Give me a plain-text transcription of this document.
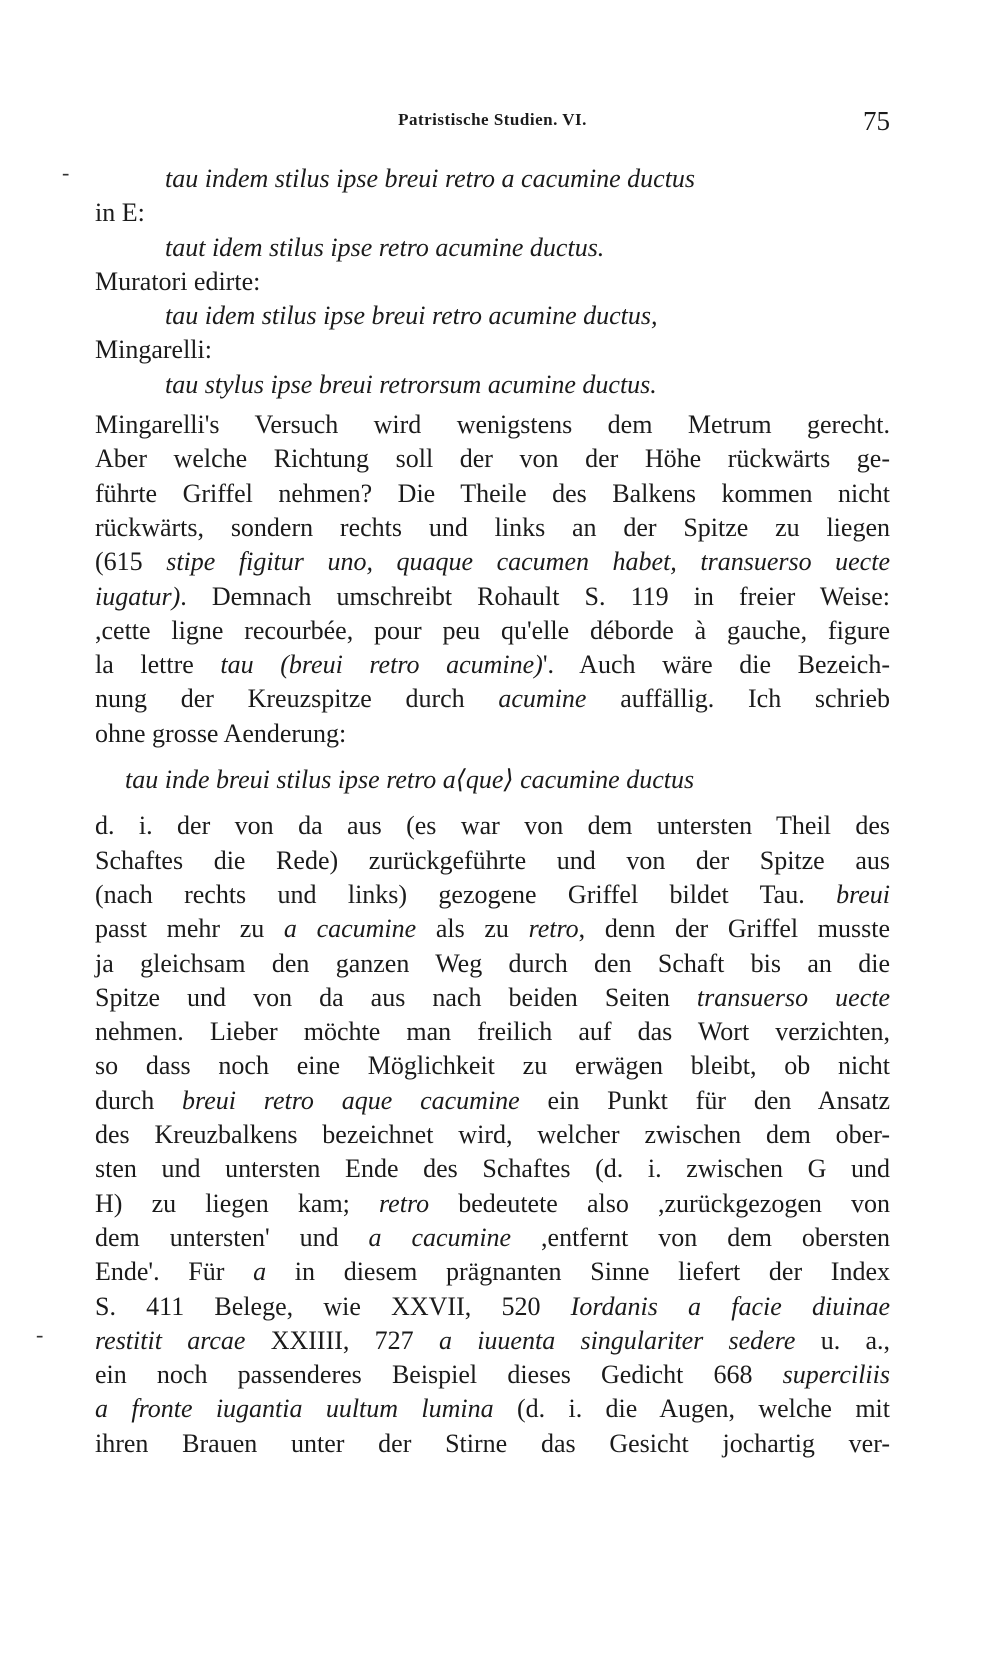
-
-
Patristische Studien. VI.	75
tau indem stilus ipse breui retro a cacumine ductus
in E:
taut idem stilus ipse retro acumine ductus.
Muratori edirte:
tau idem stilus ipse breui retro acumine ductus,
Mingarelli:
tau stylus ipse breui retrorsum acumine ductus.
Mingarelli's Versuch wird wenigstens dem Metrum gerecht.
Aber welche Richtung soll der von der Höhe rückwärts ge-
führte Griffel nehmen? Die Theile des Balkens kommen nicht
rückwärts, sondern rechts und links an der Spitze zu liegen
(615 stipe figitur uno, quaque cacumen habet, transuerso uecte
iugatur). Demnach umschreibt Rohault S. 119 in freier Weise:
,cette ligne recourbée, pour peu qu'elle déborde à gauche, figure
la lettre tau (breui retro acumine)'. Auch wäre die Bezeich-
nung der Kreuzspitze durch acumine auffällig. Ich schrieb
ohne grosse Aenderung:
tau inde breui stilus ipse retro a⟨que⟩ cacumine ductus
d. i. der von da aus (es war von dem untersten Theil des
Schaftes die Rede) zurückgeführte und von der Spitze aus
(nach rechts und links) gezogene Griffel bildet Tau. breui
passt mehr zu a cacumine als zu retro, denn der Griffel musste
ja gleichsam den ganzen Weg durch den Schaft bis an die
Spitze und von da aus nach beiden Seiten transuerso uecte
nehmen. Lieber möchte man freilich auf das Wort verzichten,
so dass noch eine Möglichkeit zu erwägen bleibt, ob nicht
durch breui retro aque cacumine ein Punkt für den Ansatz
des Kreuzbalkens bezeichnet wird, welcher zwischen dem ober-
sten und untersten Ende des Schaftes (d. i. zwischen G und
H) zu liegen kam; retro bedeutete also ,zurückgezogen von
dem untersten' und a cacumine ,entfernt von dem obersten
Ende'. Für a in diesem prägnanten Sinne liefert der Index
S. 411 Belege, wie XXVII, 520 Iordanis a facie diuinae
restitit arcae XXIIII, 727 a iuuenta singulariter sedere u. a.,
ein noch passenderes Beispiel dieses Gedicht 668 superciliis
a fronte iugantia uultum lumina (d. i. die Augen, welche mit
ihren Brauen unter der Stirne das Gesicht jochartig ver-
